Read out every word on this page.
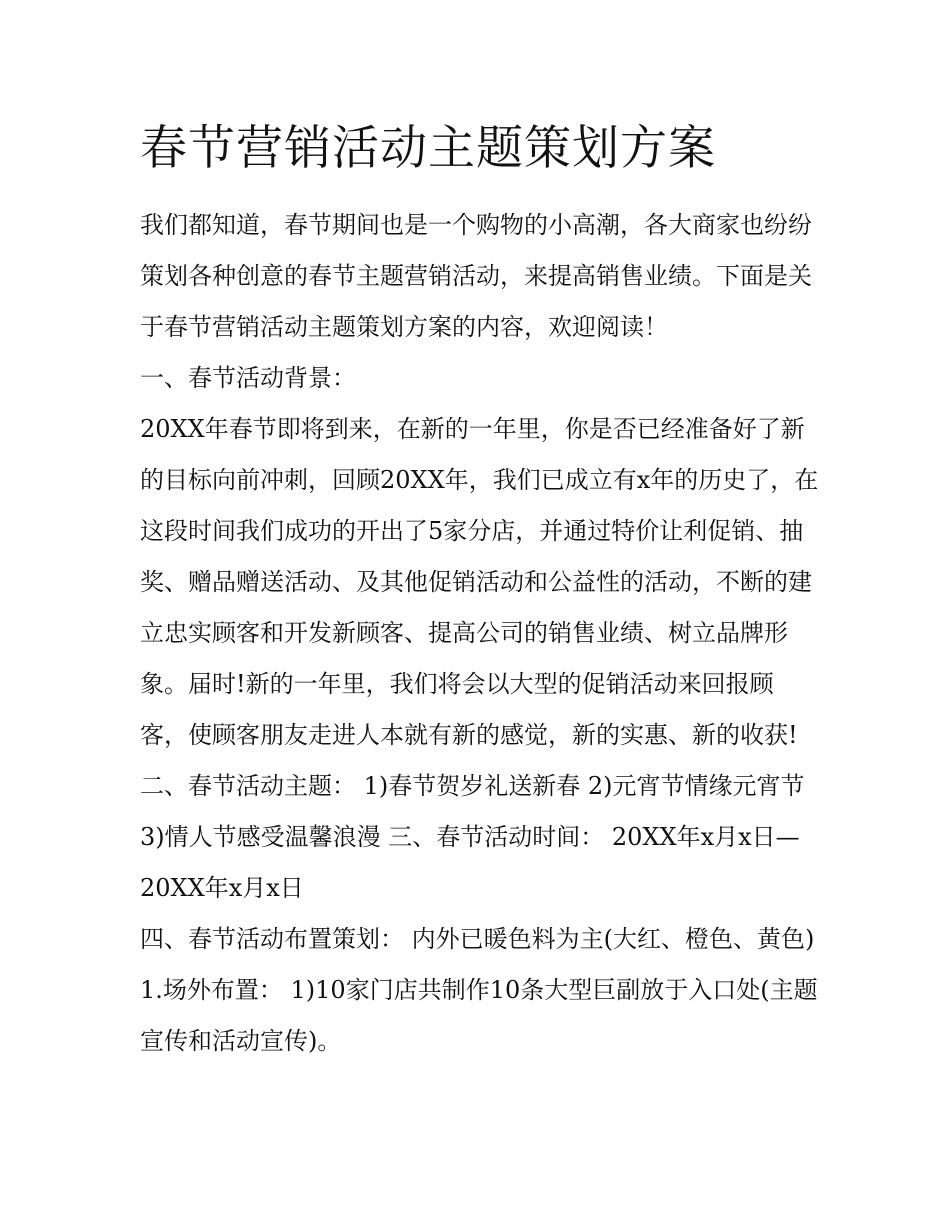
春节营销活动主题策划方案

我们都知道，春节期间也是一个购物的小高潮，各大商家也纷纷策划各种创意的春节主题营销活动，来提高销售业绩。下面是关于春节营销活动主题策划方案的内容，欢迎阅读！

一、春节活动背景：

20XX年春节即将到来，在新的一年里，你是否已经准备好了新的目标向前冲刺，回顾20XX年，我们已成立有x年的历史了，在这段时间我们成功的开出了5家分店，并通过特价让利促销、抽奖、赠品赠送活动、及其他促销活动和公益性的活动，不断的建立忠实顾客和开发新顾客、提高公司的销售业绩、树立品牌形象。届时!新的一年里，我们将会以大型的促销活动来回报顾客，使顾客朋友走进人本就有新的感觉，新的实惠、新的收获!

二、春节活动主题： 1)春节贺岁礼送新春 2)元宵节情缘元宵节 3)情人节感受温馨浪漫 三、春节活动时间： 20XX年x月x日—20XX年x月x日

四、春节活动布置策划： 内外已暖色料为主(大红、橙色、黄色) 1.场外布置： 1)10家门店共制作10条大型巨副放于入口处(主题宣传和活动宣传)。
